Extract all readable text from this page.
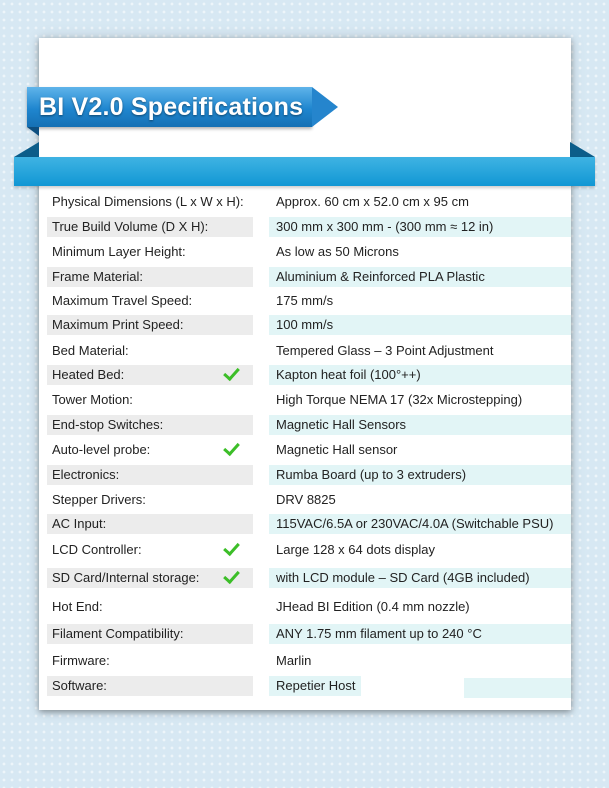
BI V2.0 Specifications
Physical Dimensions (L x W x H):	Approx. 60 cm x 52.0 cm x 95 cm
True Build Volume (D X H):	300 mm x 300 mm - (300 mm ≈ 12 in)
Minimum Layer Height:	As low as 50 Microns
Frame Material:	Aluminium & Reinforced PLA Plastic
Maximum Travel Speed:	175 mm/s
Maximum Print Speed:	100 mm/s
Bed Material:	Tempered Glass – 3 Point Adjustment
Heated Bed:	Kapton heat foil (100°++)
Tower Motion:	High Torque NEMA 17 (32x Microstepping)
End-stop Switches:	Magnetic Hall Sensors
Auto-level probe:	Magnetic Hall sensor
Electronics:	Rumba Board (up to 3 extruders)
Stepper Drivers:	DRV 8825
AC Input:	115VAC/6.5A or 230VAC/4.0A (Switchable PSU)
LCD Controller:	Large 128 x 64 dots display
SD Card/Internal storage:	with LCD module – SD Card (4GB included)
Hot End:	JHead BI Edition (0.4 mm nozzle)
Filament Compatibility:	ANY 1.75 mm filament up to 240 °C
Firmware:	Marlin
Software:	Repetier Host
